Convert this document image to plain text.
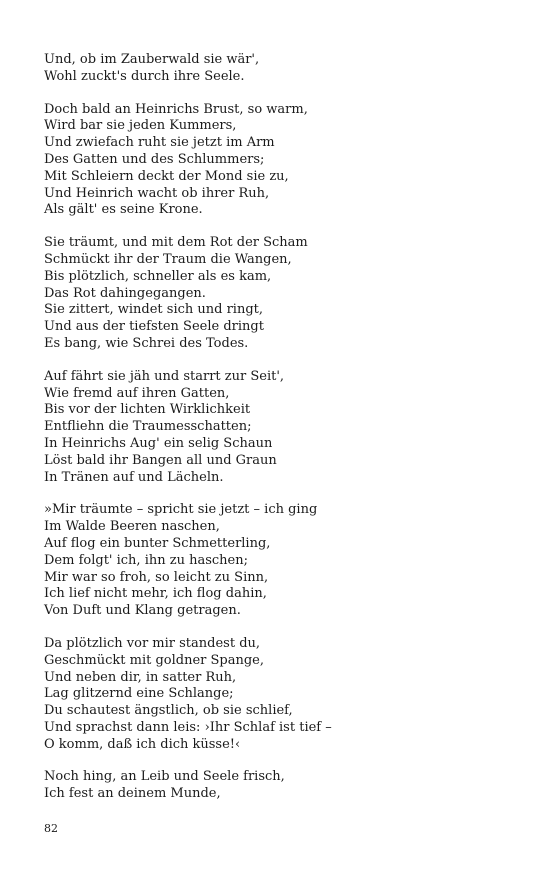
Und, ob im Zauberwald sie wär',
Wohl zuckt's durch ihre Seele.
Doch bald an Heinrichs Brust, so warm,
Wird bar sie jeden Kummers,
Und zwiefach ruht sie jetzt im Arm
Des Gatten und des Schlummers;
Mit Schleiern deckt der Mond sie zu,
Und Heinrich wacht ob ihrer Ruh,
Als gält' es seine Krone.
Sie träumt, und mit dem Rot der Scham
Schmückt ihr der Traum die Wangen,
Bis plötzlich, schneller als es kam,
Das Rot dahingegangen.
Sie zittert, windet sich und ringt,
Und aus der tiefsten Seele dringt
Es bang, wie Schrei des Todes.
Auf fährt sie jäh und starrt zur Seit',
Wie fremd auf ihren Gatten,
Bis vor der lichten Wirklichkeit
Entfliehn die Traumesschatten;
In Heinrichs Aug' ein selig Schaun
Löst bald ihr Bangen all und Graun
In Tränen auf und Lächeln.
»Mir träumte – spricht sie jetzt – ich ging
Im Walde Beeren naschen,
Auf flog ein bunter Schmetterling,
Dem folgt' ich, ihn zu haschen;
Mir war so froh, so leicht zu Sinn,
Ich lief nicht mehr, ich flog dahin,
Von Duft und Klang getragen.
Da plötzlich vor mir standest du,
Geschmückt mit goldner Spange,
Und neben dir, in satter Ruh,
Lag glitzernd eine Schlange;
Du schautest ängstlich, ob sie schlief,
Und sprachst dann leis: ›Ihr Schlaf ist tief –
O komm, daß ich dich küsse!‹
Noch hing, an Leib und Seele frisch,
Ich fest an deinem Munde,
82
